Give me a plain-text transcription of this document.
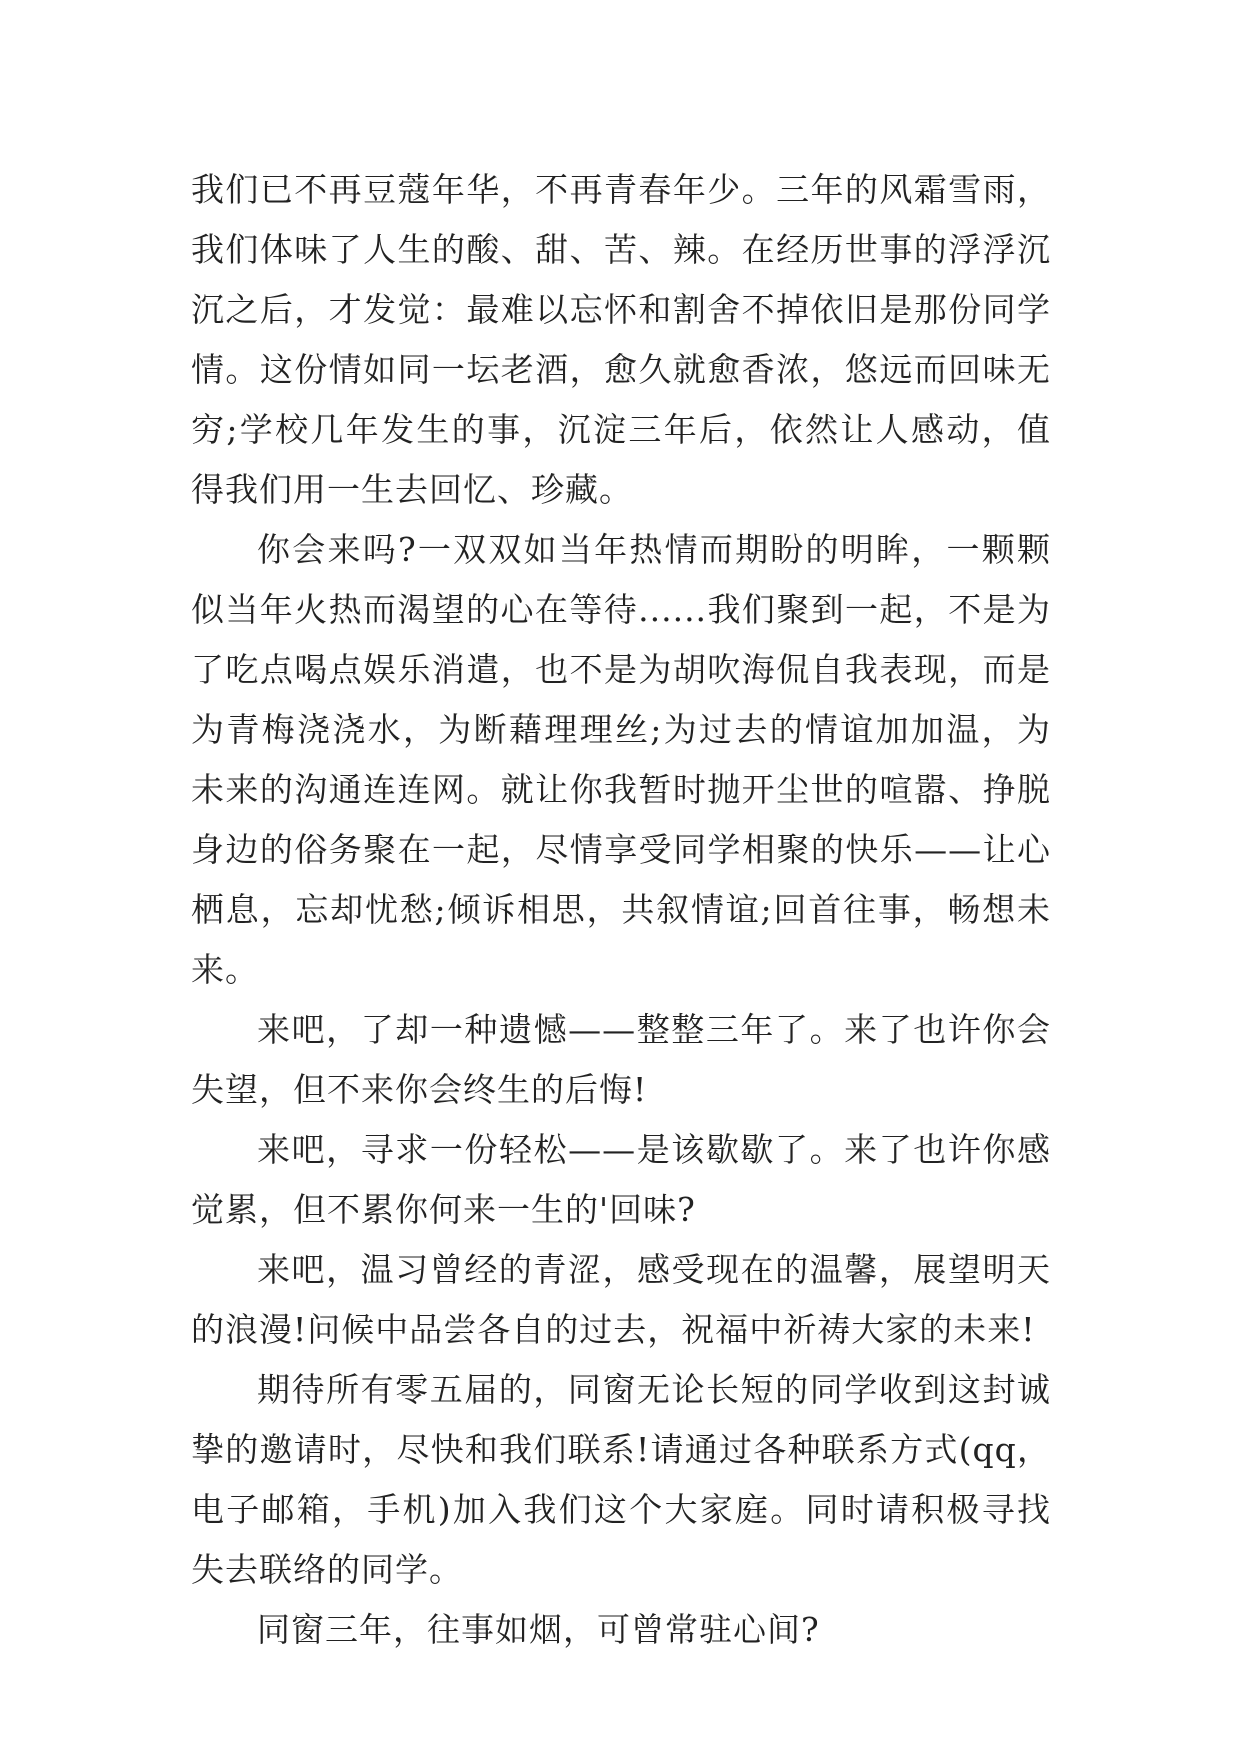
我们已不再豆蔻年华，不再青春年少。三年的风霜雪雨，我们体味了人生的酸、甜、苦、辣。在经历世事的浮浮沉沉之后，才发觉：最难以忘怀和割舍不掉依旧是那份同学情。这份情如同一坛老酒，愈久就愈香浓，悠远而回味无穷;学校几年发生的事，沉淀三年后，依然让人感动，值得我们用一生去回忆、珍藏。

你会来吗?一双双如当年热情而期盼的明眸，一颗颗似当年火热而渴望的心在等待......我们聚到一起，不是为了吃点喝点娱乐消遣，也不是为胡吹海侃自我表现，而是为青梅浇浇水，为断藉理理丝;为过去的情谊加加温，为未来的沟通连连网。就让你我暂时抛开尘世的喧嚣、挣脱身边的俗务聚在一起，尽情享受同学相聚的快乐——让心栖息，忘却忧愁;倾诉相思，共叙情谊;回首往事，畅想未来。

来吧，了却一种遗憾——整整三年了。来了也许你会失望，但不来你会终生的后悔!

来吧，寻求一份轻松——是该歇歇了。来了也许你感觉累，但不累你何来一生的'回味?

来吧，温习曾经的青涩，感受现在的温馨，展望明天的浪漫!问候中品尝各自的过去，祝福中祈祷大家的未来!

期待所有零五届的，同窗无论长短的同学收到这封诚挚的邀请时，尽快和我们联系!请通过各种联系方式(qq，电子邮箱，手机)加入我们这个大家庭。同时请积极寻找失去联络的同学。

同窗三年，往事如烟，可曾常驻心间?
